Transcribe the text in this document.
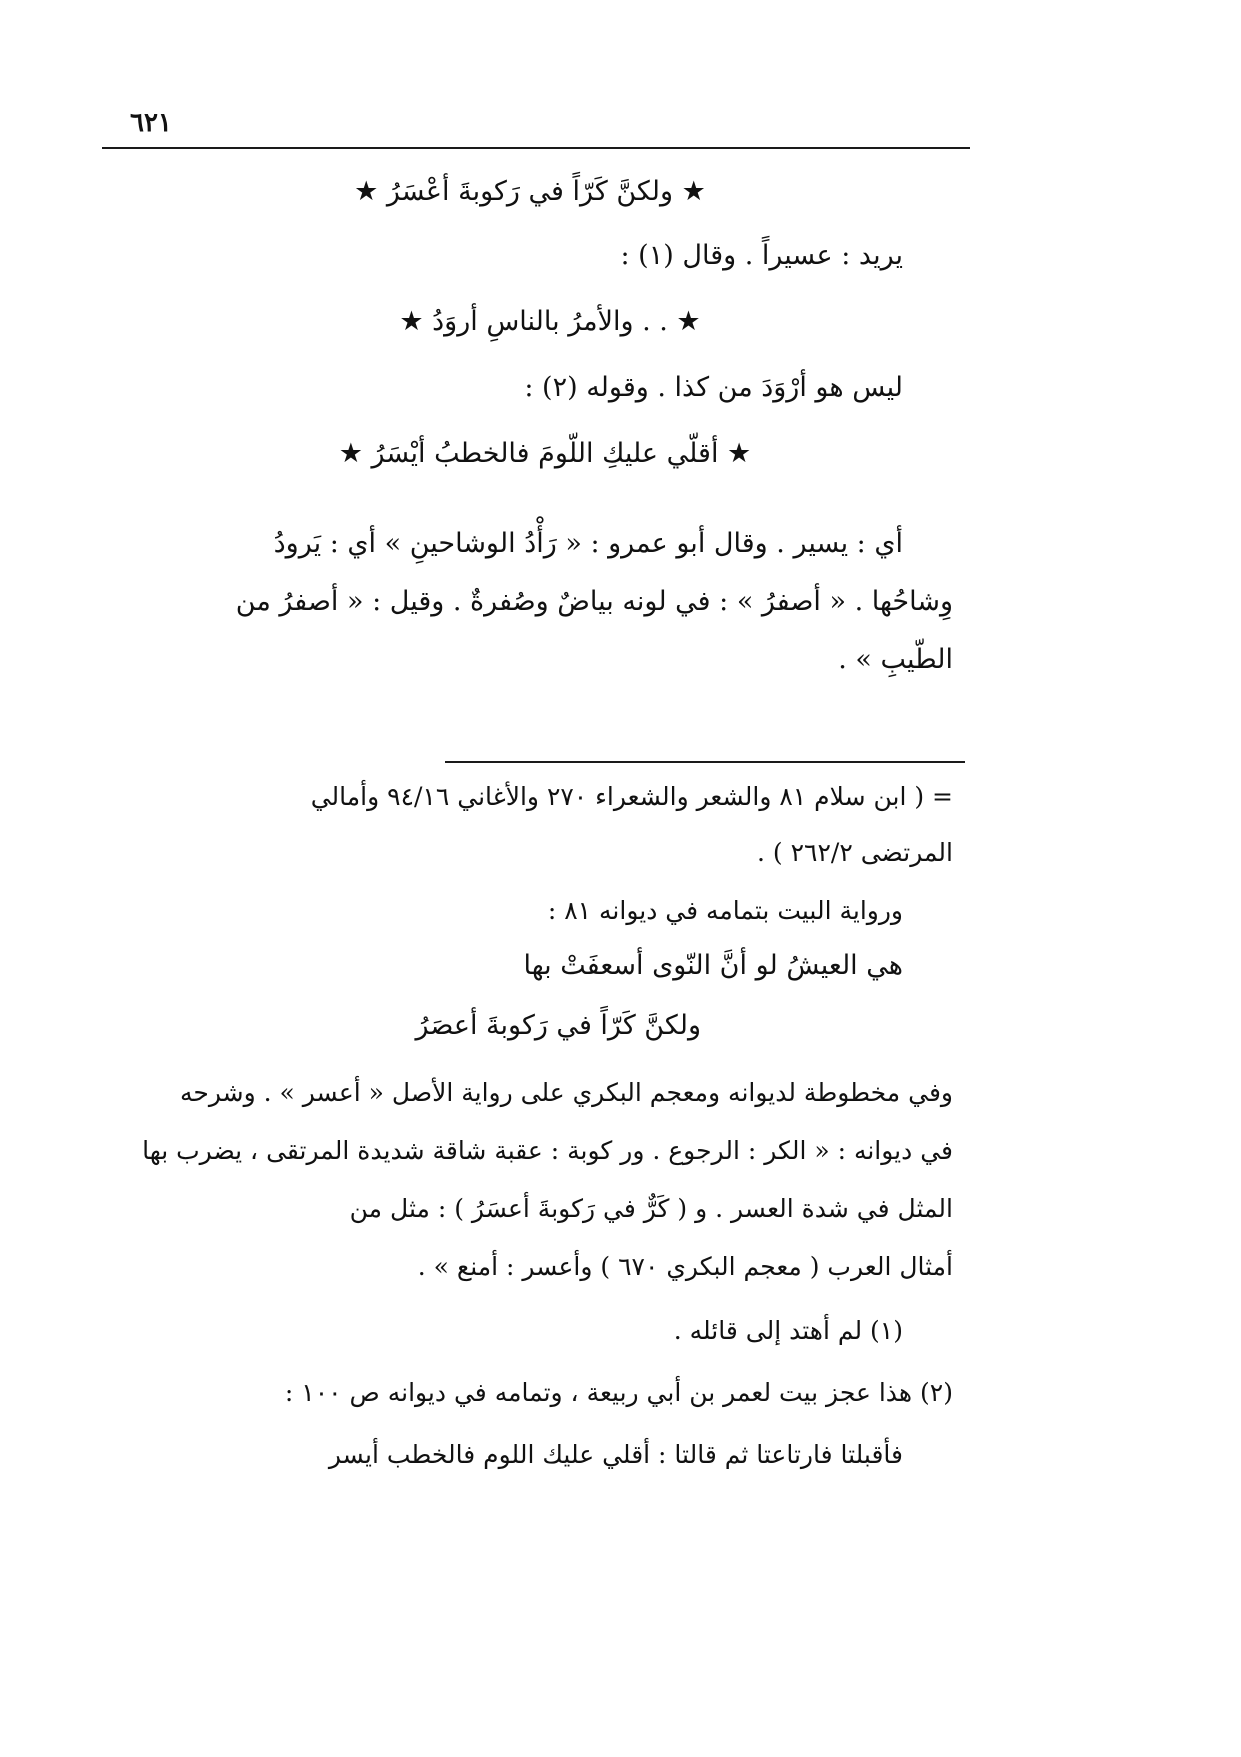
٦٢١
★ ولكنَّ كَرّاً في رَكوبةَ أعْسَرُ ★
يريد : عسيراً . وقال (١) :
★ . . والأمرُ بالناسِ أروَدُ ★
ليس هو أرْوَدَ من كذا . وقوله (٢) :
★ أقلّي عليكِ اللّومَ فالخطبُ أيْسَرُ ★
أي : يسير . وقال أبو عمرو : « رَأْدُ الوشاحينِ » أي : يَرودُ
وِشاحُها . « أصفرُ » : في لونه بياضٌ وصُفرةٌ . وقيل : « أصفرُ من
الطّيبِ » .
= ( ابن سلام ٨١ والشعر والشعراء ٢٧٠ والأغاني ٩٤/١٦ وأمالي
المرتضى ٢٦٢/٢ ) .
ورواية البيت بتمامه في ديوانه ٨١ :
هي العيشُ لو أنَّ النّوى أسعفَتْ بها
ولكنَّ كَرّاً في رَكوبةَ أعصَرُ
وفي مخطوطة لديوانه ومعجم البكري على رواية الأصل « أعسر » . وشرحه
في ديوانه : « الكر : الرجوع . ور كوبة : عقبة شاقة شديدة المرتقى ، يضرب بها
المثل في شدة العسر . و ( كَرٌّ في رَكوبةَ أعسَرُ ) : مثل من
أمثال العرب ( معجم البكري ٦٧٠ ) وأعسر : أمنع » .
(١) لم أهتد إلى قائله .
(٢) هذا عجز بيت لعمر بن أبي ربيعة ، وتمامه في ديوانه ص ١٠٠ :
فأقبلتا فارتاعتا ثم قالتا : أقلي عليك اللوم فالخطب أيسر
